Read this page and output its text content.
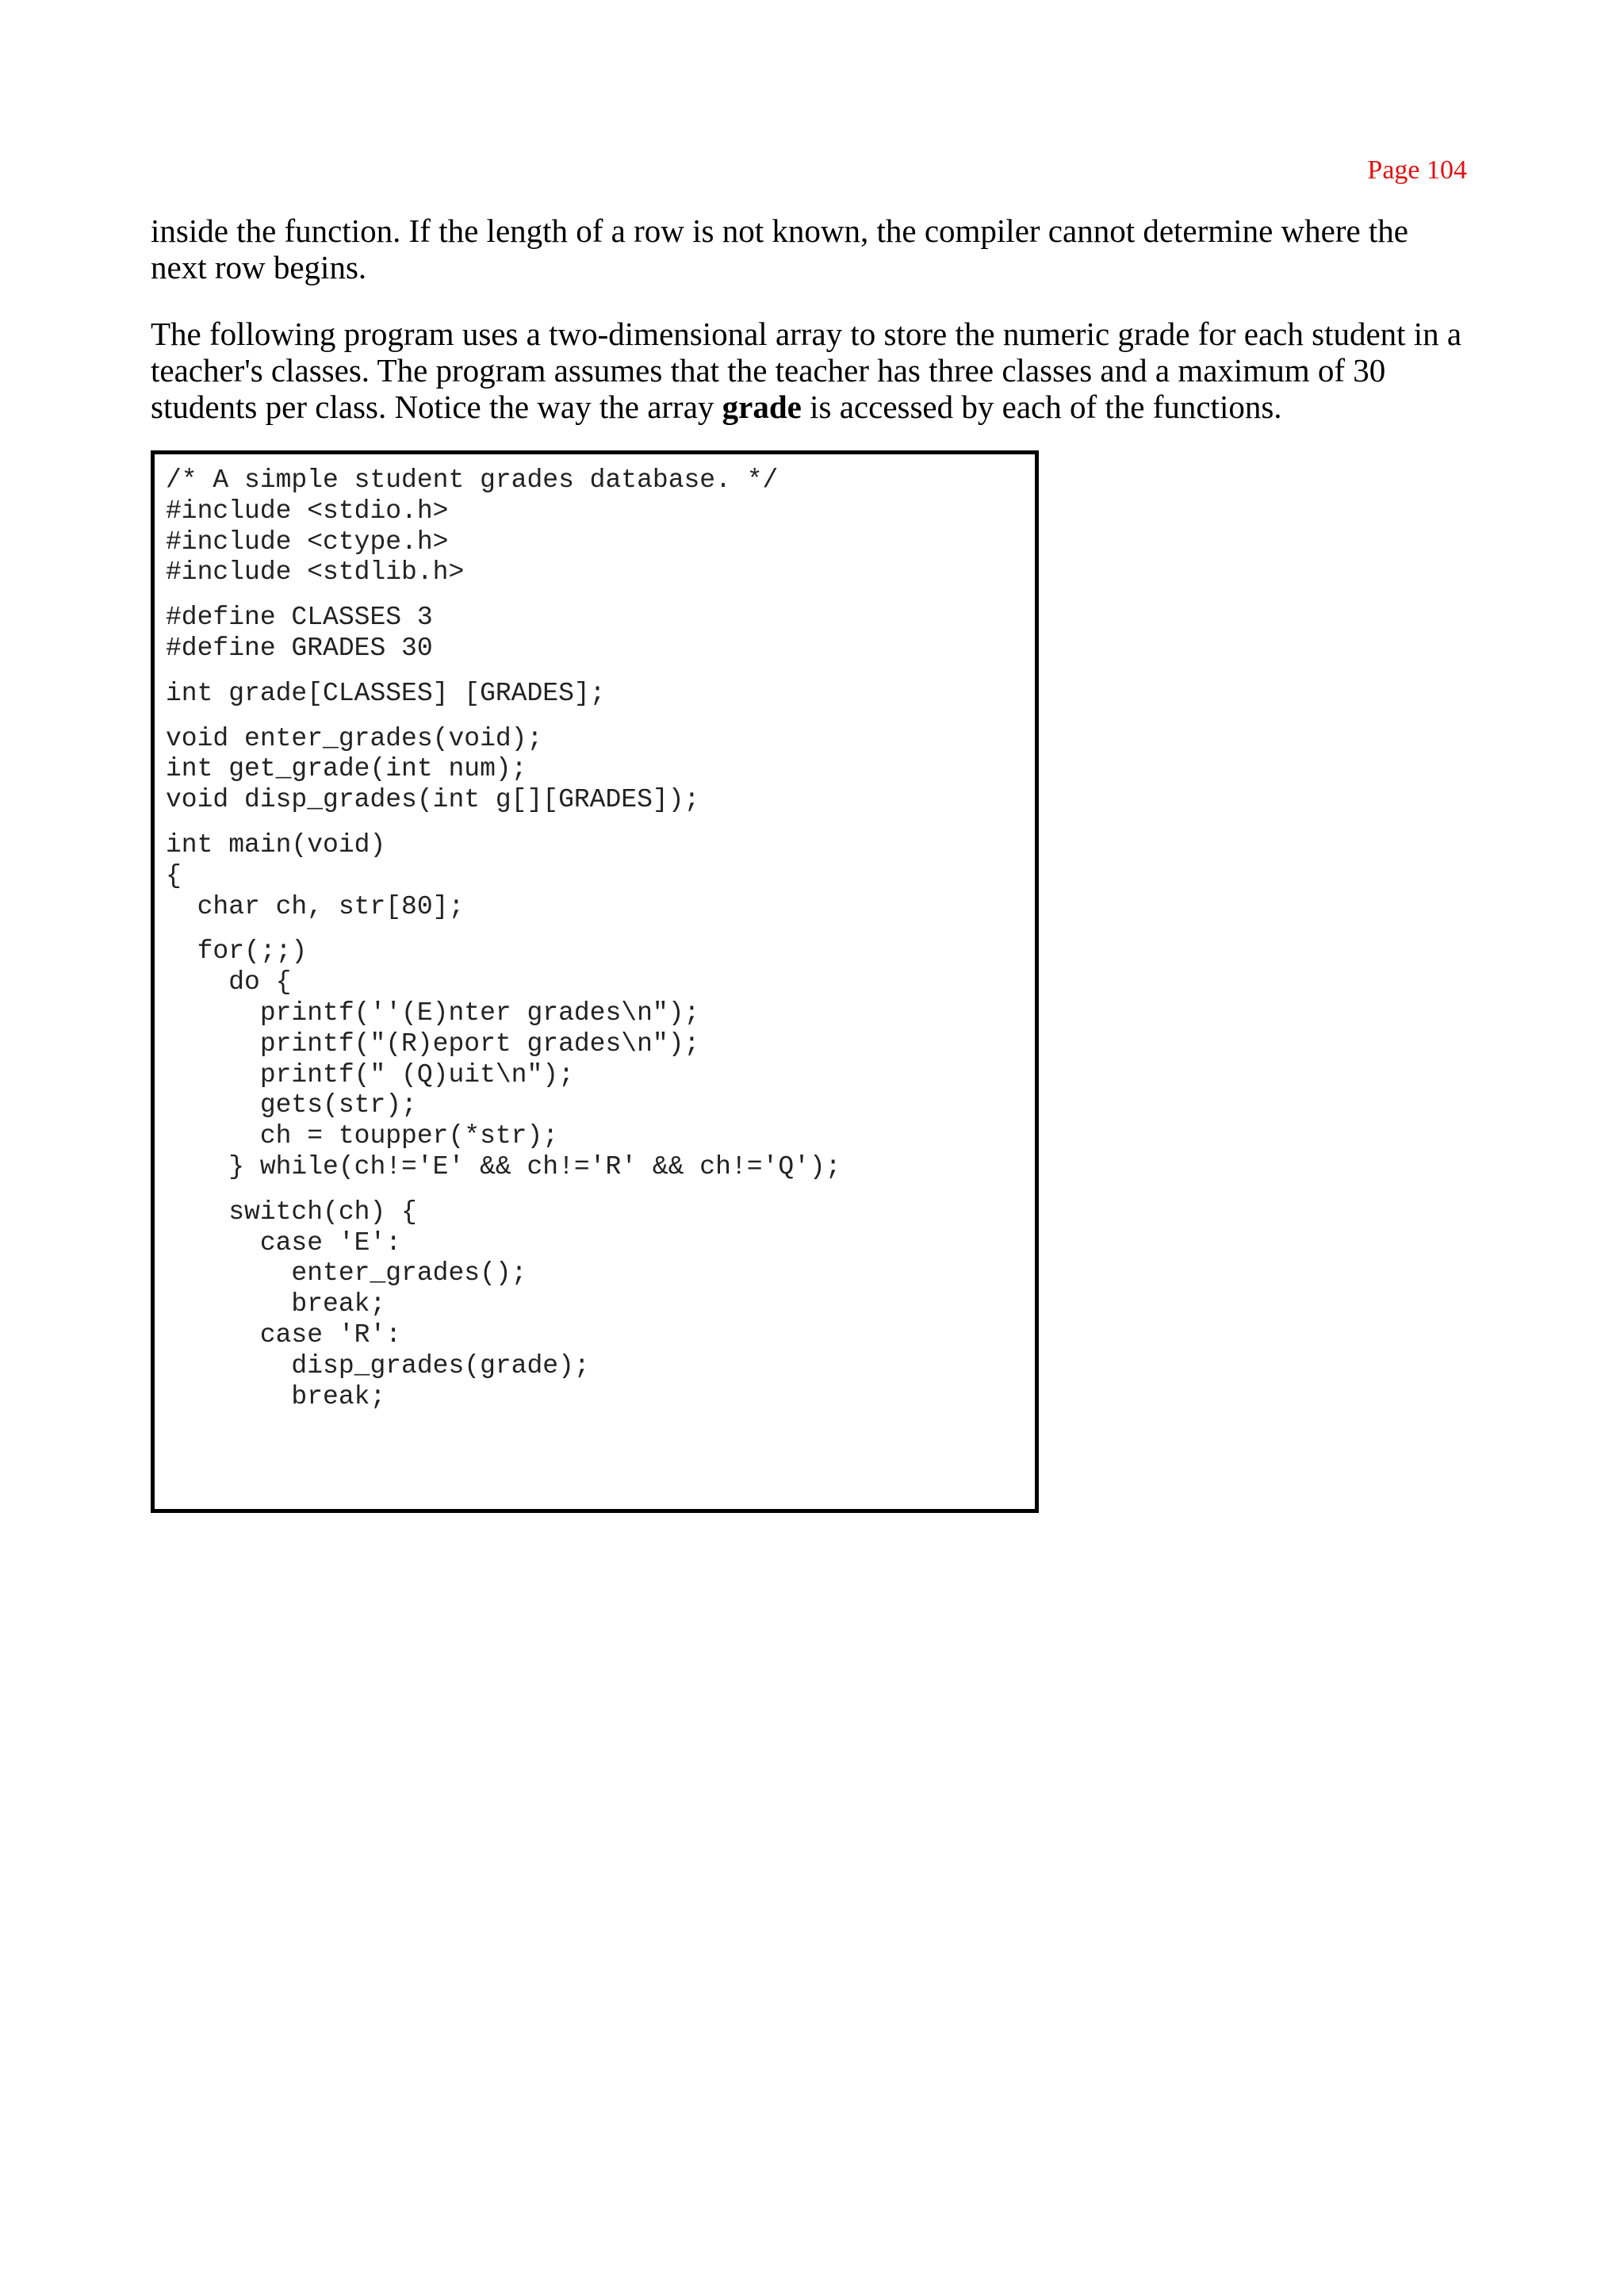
Page 104

inside the function. If the length of a row is not known, the compiler cannot determine where the next row begins.

The following program uses a two-dimensional array to store the numeric grade for each student in a teacher's classes. The program assumes that the teacher has three classes and a maximum of 30 students per class. Notice the way the array grade is accessed by each of the functions.

/* A simple student grades database. */
#include <stdio.h>
#include <ctype.h>
#include <stdlib.h>
#define CLASSES 3
#define GRADES 30
int grade[CLASSES] [GRADES];
void enter_grades(void);
int get_grade(int num);
void disp_grades(int g[][GRADES]);
int main(void)
{
char ch, str[80];
for(;;)
do {
printf(''(E)nter grades\n");
printf("(R)eport grades\n");
printf(" (Q)uit\n");
gets(str);
ch = toupper(*str);
} while(ch!='E' && ch!='R' && ch!='Q');
switch(ch) {
case 'E':
enter_grades();
break;
case 'R':
disp_grades(grade);
break;
